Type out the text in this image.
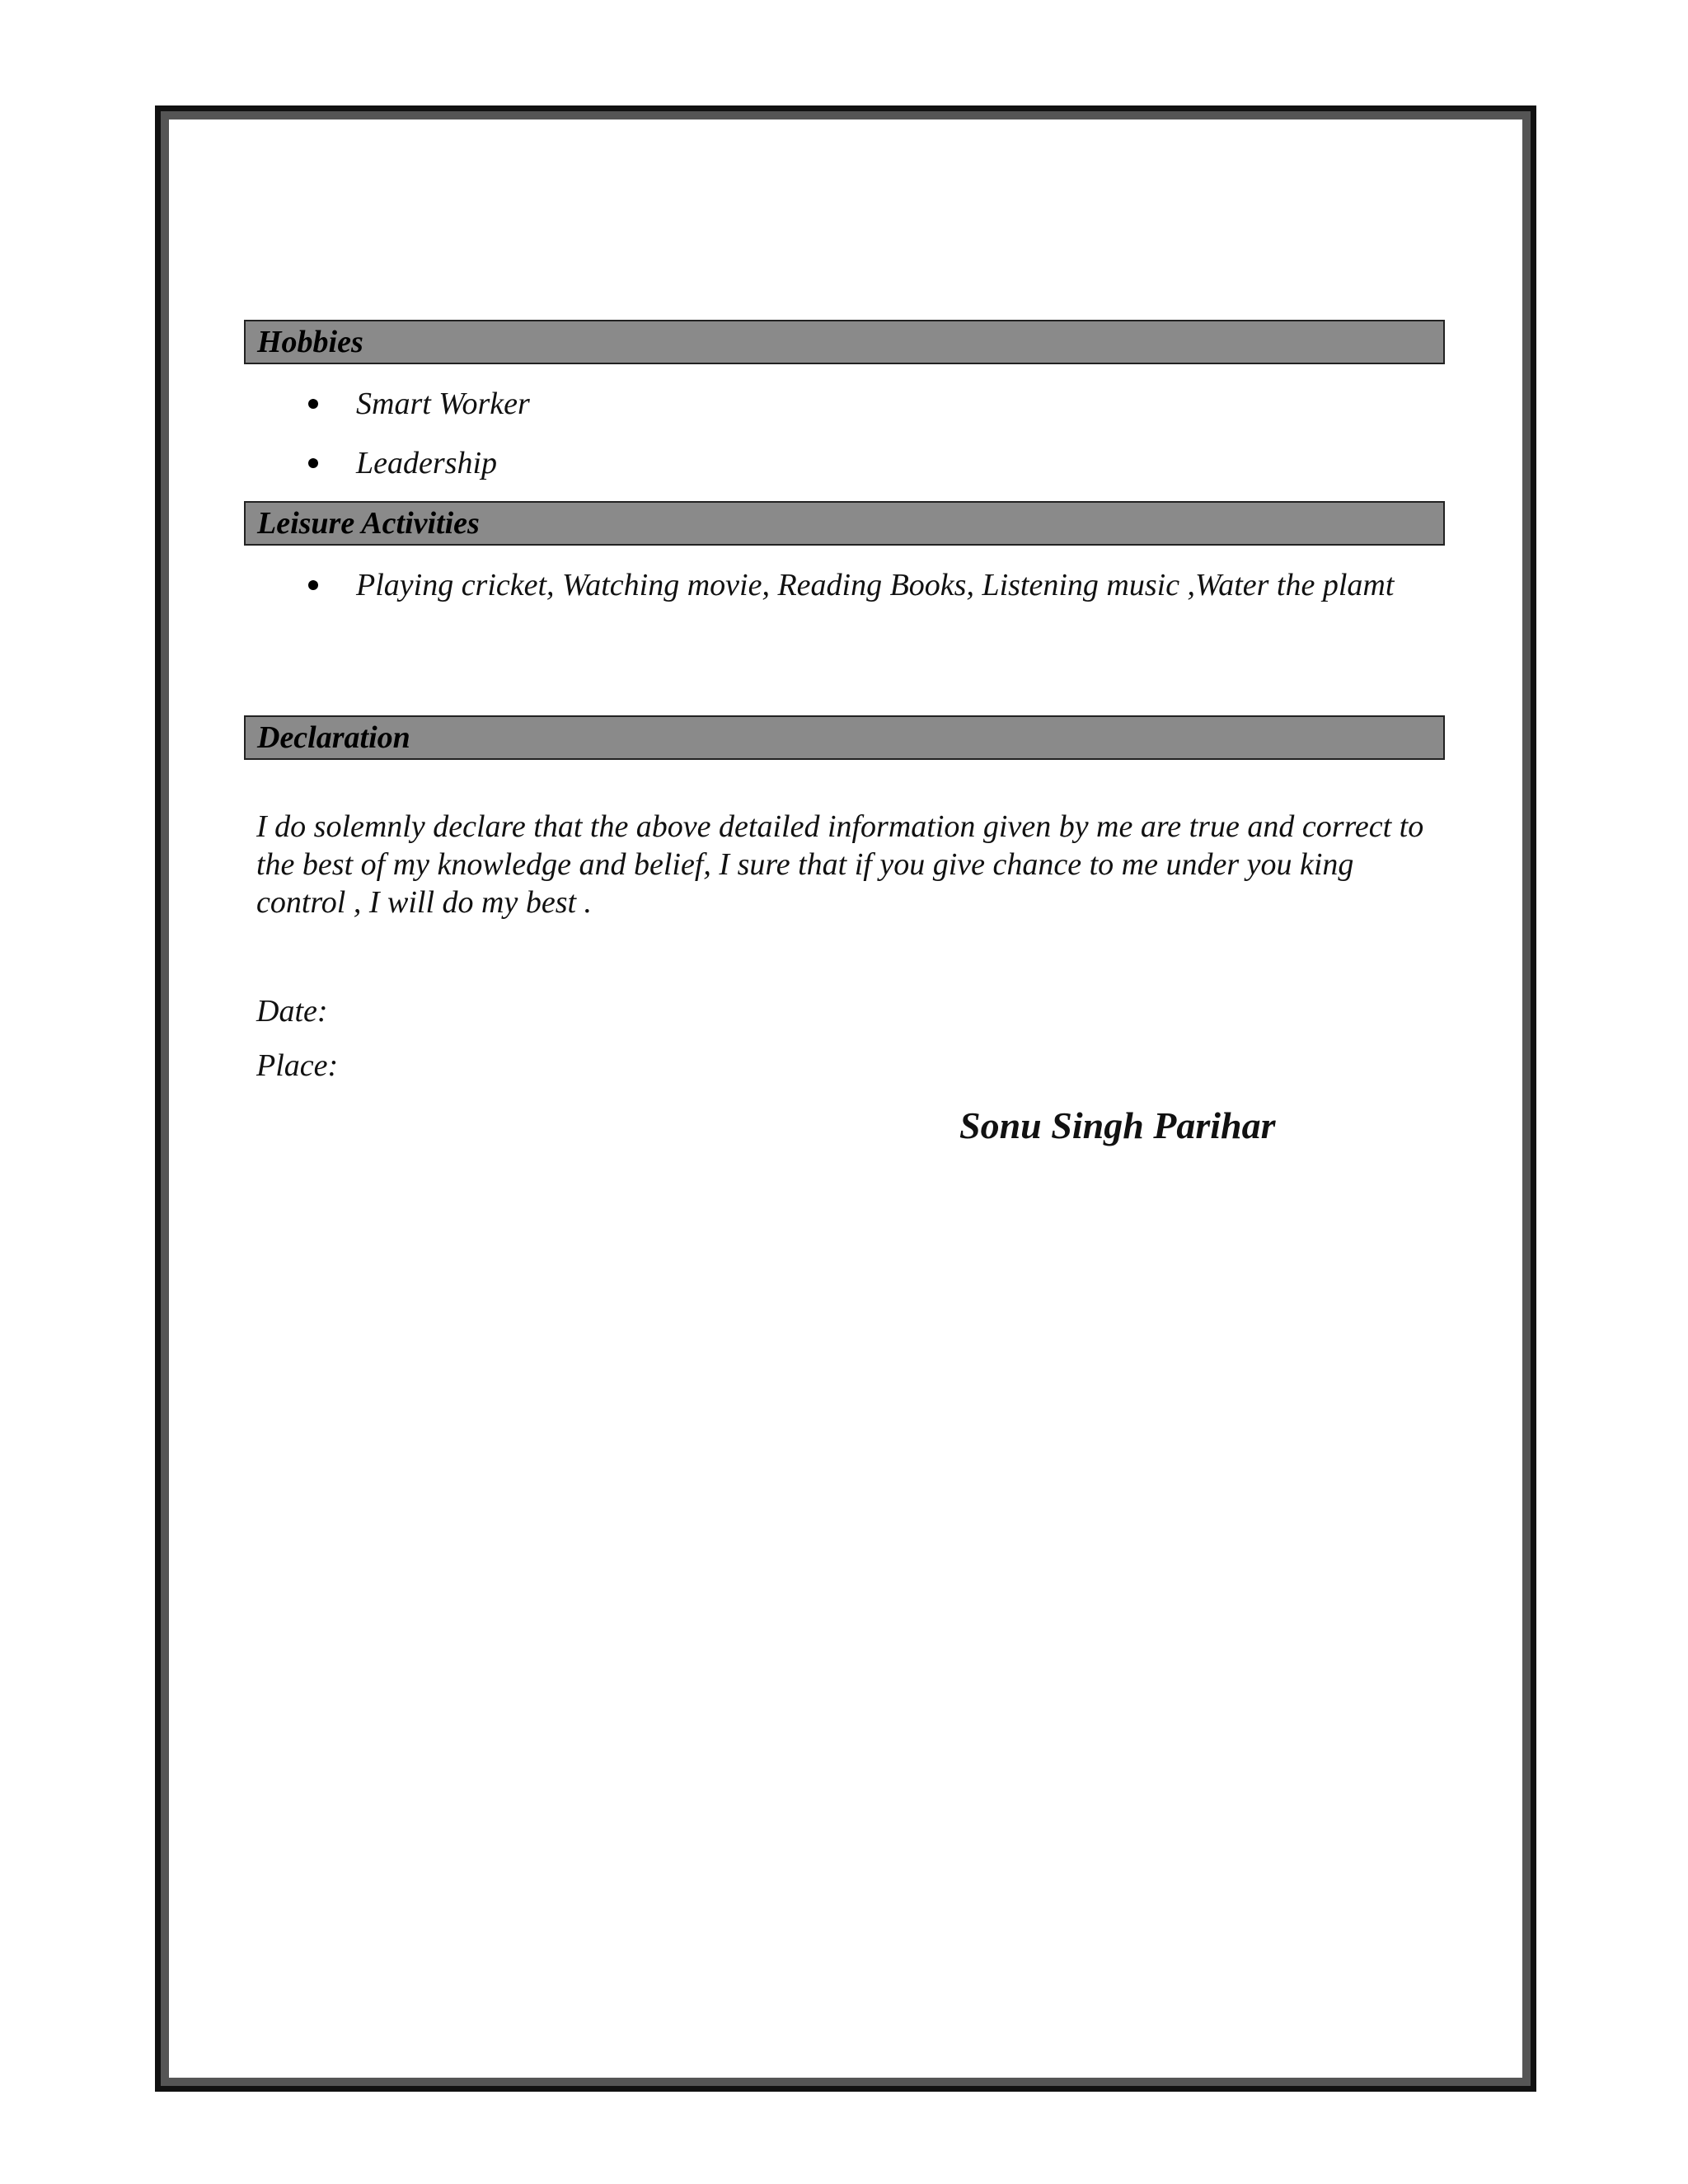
Hobbies
Smart Worker
Leadership
Leisure Activities
Playing cricket, Watching movie, Reading Books, Listening music ,Water the plamt
Declaration

I do solemnly declare that the above detailed information given by me are true and correct to the best of my knowledge and belief, I sure that if you give chance to me under you king control , I will do my best .

Date:
Place:
Sonu Singh Parihar
